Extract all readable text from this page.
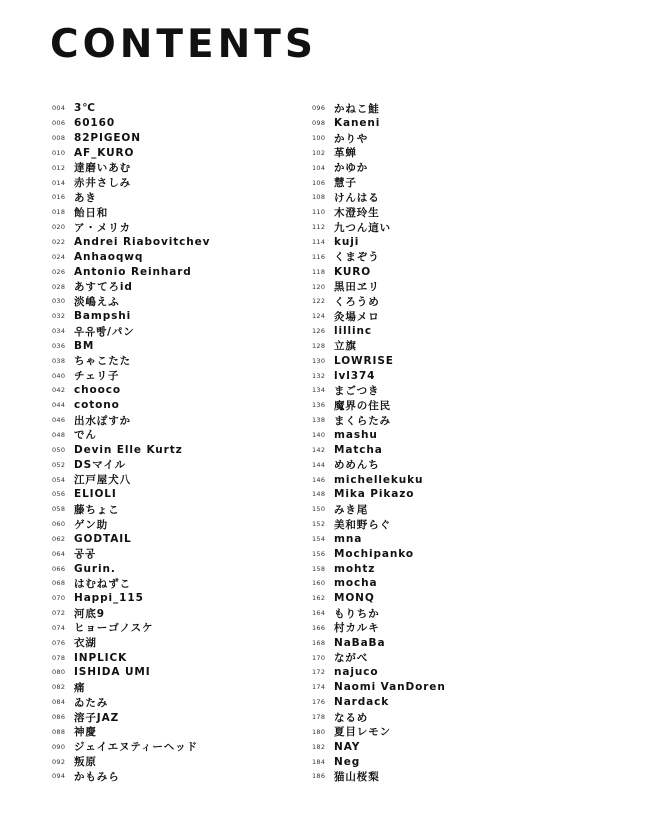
CONTENTS
004 3℃
006 60160
008 82PIGEON
010 AF_KURO
012 達磨いあむ
014 赤井さしみ
016 あき
018 飴日和
020 ア・メリカ
022 Andrei Riabovitchev
024 Anhaoqwq
026 Antonio Reinhard
028 あすてろid
030 淡嶋えふ
032 Bampshi
034 우유빵/パン
036 BM
038 ちゃこたた
040 チェリ子
042 chooco
044 cotono
046 出水ぽすか
048 でん
050 Devin Elle Kurtz
052 DSマイル
054 江戸屋犬八
056 ELIOLI
058 藤ちょこ
060 ゲン助
062 GODTAIL
064 공공
066 Gurin.
068 はむねずこ
070 Happi_115
072 河底9
074 ヒョーゴノスケ
076 衣湖
078 INPLICK
080 ISHIDA UMI
082 痛
084 ゐたみ
086 溶子JAZ
088 神慶
090 ジェイエヌティーヘッド
092 叛原
094 かもみら
096 かねこ鮭
098 Kaneni
100 かりや
102 革蝉
104 かゆか
106 慧子
108 けんはる
110 木澄玲生
112 九つん這い
114 kuji
116 くまぞう
118 KURO
120 黒田ヱリ
122 くろうめ
124 灸場メロ
126 lillinc
128 立旗
130 LOWRISE
132 lvl374
134 まごつき
136 魔界の住民
138 まくらたみ
140 mashu
142 Matcha
144 めめんち
146 michellekuku
148 Mika Pikazo
150 みき尾
152 美和野らぐ
154 mna
156 Mochipanko
158 mohtz
160 mocha
162 MONQ
164 もりちか
166 村カルキ
168 NaBaBa
170 ながべ
172 najuco
174 Naomi VanDoren
176 Nardack
178 なるめ
180 夏目レモン
182 NAY
184 Neg
186 猫山桜梨
